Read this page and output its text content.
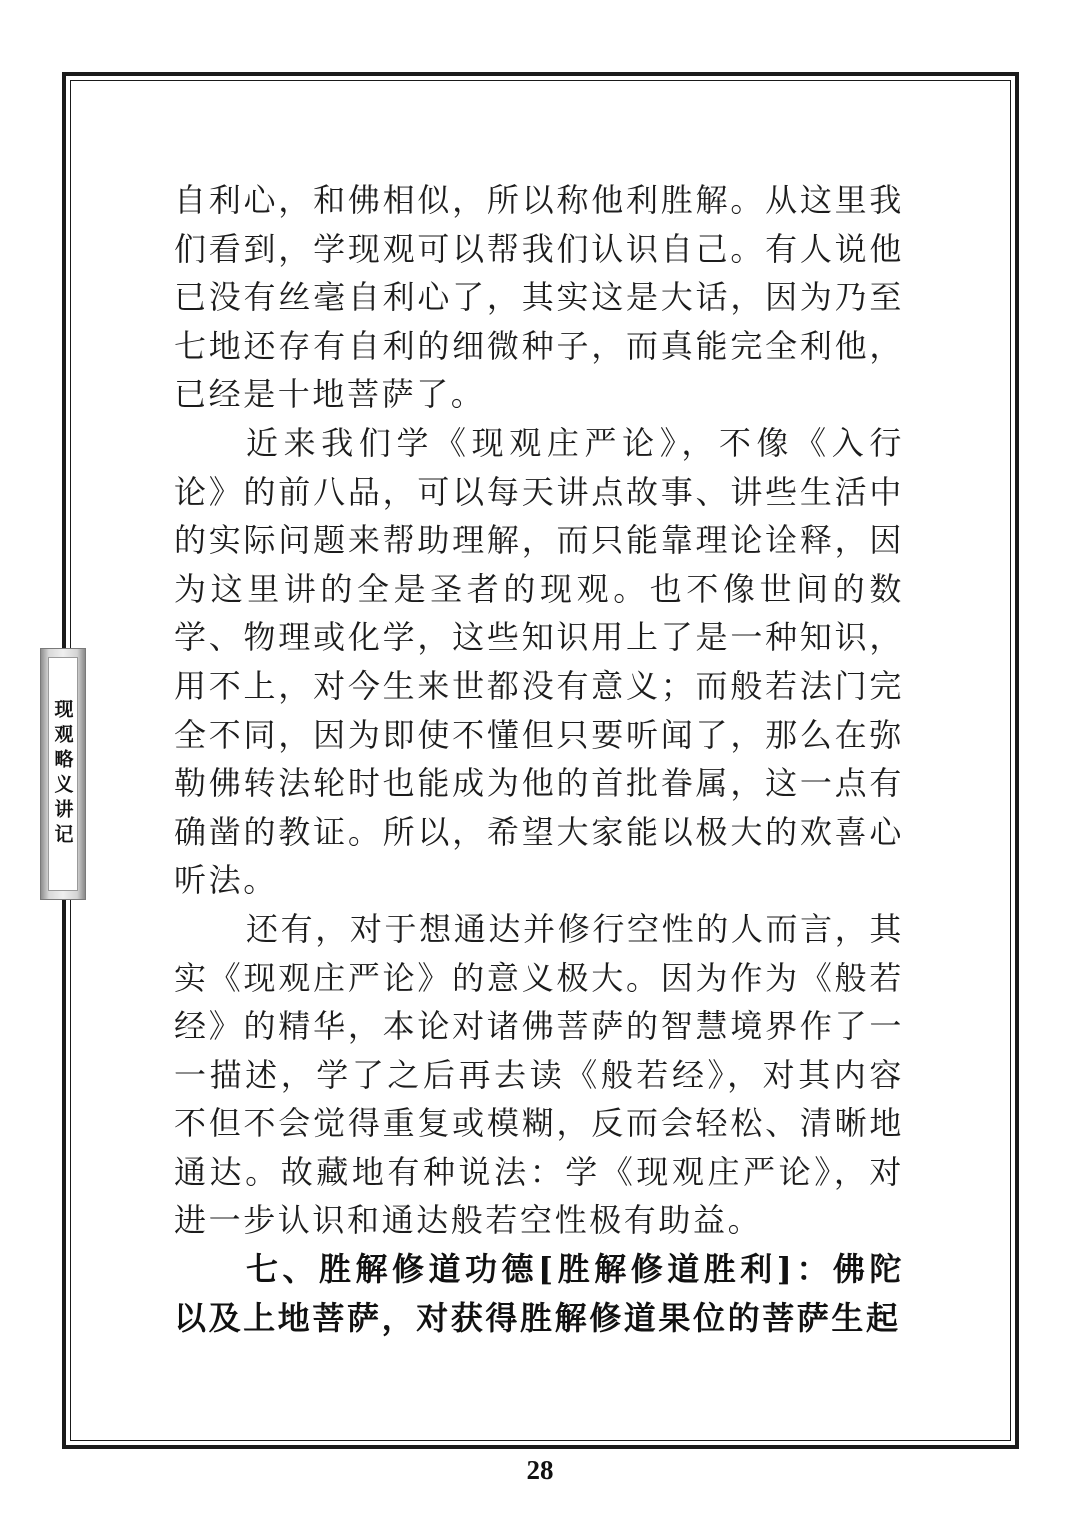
现观略义讲记

自利心，和佛相似，所以称他利胜解。从这里我们看到，学现观可以帮我们认识自己。有人说他已没有丝毫自利心了，其实这是大话，因为乃至七地还存有自利的细微种子，而真能完全利他，已经是十地菩萨了。

近来我们学《现观庄严论》，不像《入行论》的前八品，可以每天讲点故事、讲些生活中的实际问题来帮助理解，而只能靠理论诠释，因为这里讲的全是圣者的现观。也不像世间的数学、物理或化学，这些知识用上了是一种知识，用不上，对今生来世都没有意义；而般若法门完全不同，因为即使不懂但只要听闻了，那么在弥勒佛转法轮时也能成为他的首批眷属，这一点有确凿的教证。所以，希望大家能以极大的欢喜心听法。

还有，对于想通达并修行空性的人而言，其实《现观庄严论》的意义极大。因为作为《般若经》的精华，本论对诸佛菩萨的智慧境界作了一一描述，学了之后再去读《般若经》，对其内容不但不会觉得重复或模糊，反而会轻松、清晰地通达。故藏地有种说法：学《现观庄严论》，对进一步认识和通达般若空性极有助益。

七、胜解修道功德[胜解修道胜利]：佛陀以及上地菩萨，对获得胜解修道果位的菩萨生起

28
